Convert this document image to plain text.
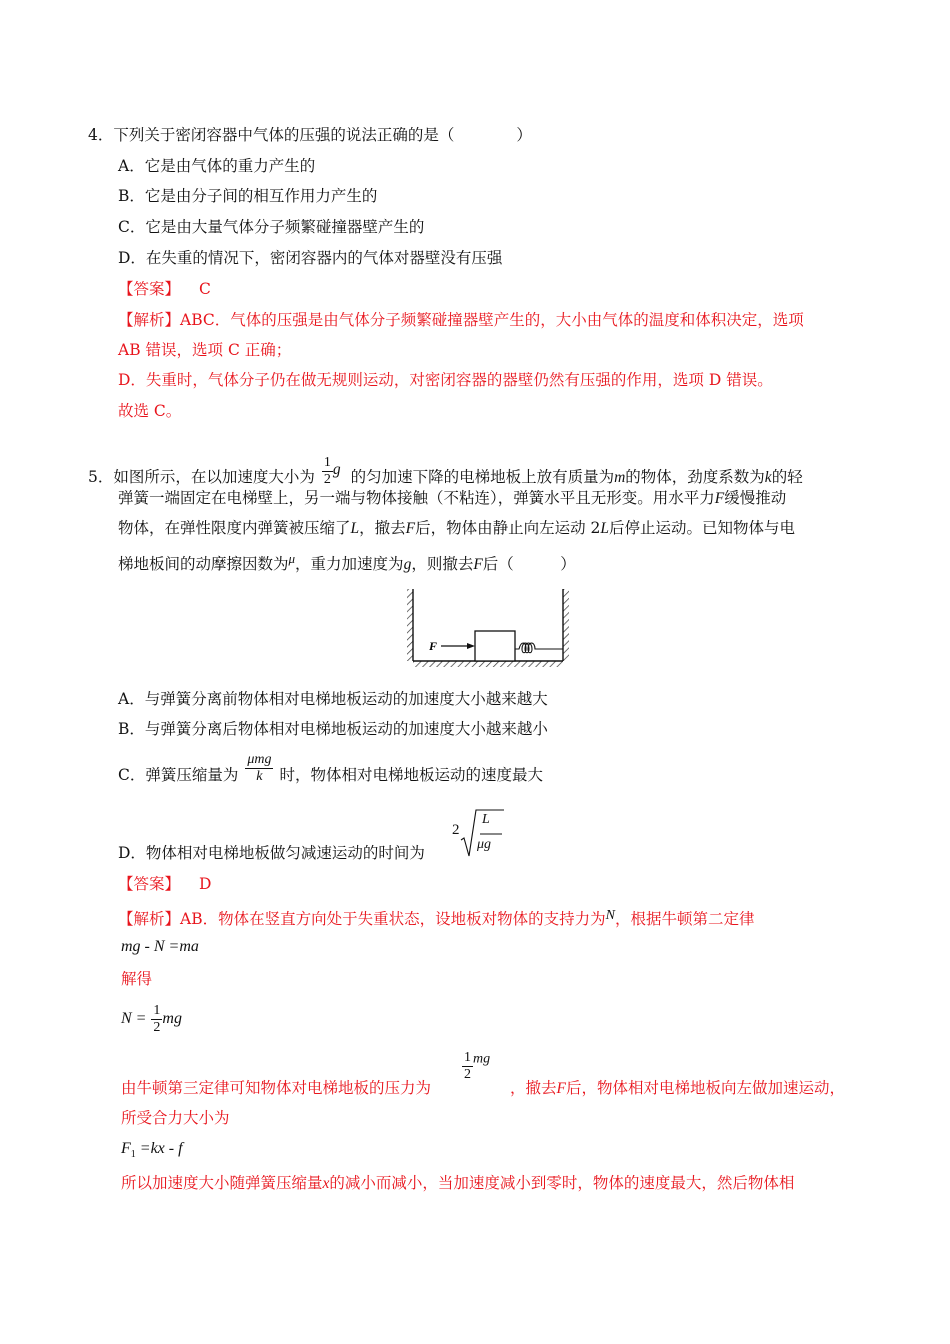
4．下列关于密闭容器中气体的压强的说法正确的是（　　　　）
A．它是由气体的重力产生的
B．它是由分子间的相互作用力产生的
C．它是由大量气体分子频繁碰撞器壁产生的
D．在失重的情况下，密闭容器内的气体对器壁没有压强
【答案】 C
【解析】ABC．气体的压强是由气体分子频繁碰撞器壁产生的，大小由气体的温度和体积决定，选项
AB 错误，选项 C 正确；
D．失重时，气体分子仍在做无规则运动，对密闭容器的器壁仍然有压强的作用，选项 D 错误。
故选 C。
5．如图所示，在以加速度大小为 $\frac{1}{2}$ g 的匀加速下降的电梯地板上放有质量为m的物体，劲度系数为k的轻
弹簧一端固定在电梯壁上，另一端与物体接触（不粘连），弹簧水平且无形变。用水平力F缓慢推动
物体，在弹性限度内弹簧被压缩了L，撤去F后，物体由静止向左运动 2L后停止运动。已知物体与电
梯地板间的动摩擦因数为$^\mu$，重力加速度为g，则撤去F后（　　　）
F
A．与弹簧分离前物体相对电梯地板运动的加速度大小越来越大
B．与弹簧分离后物体相对电梯地板运动的加速度大小越来越小
C．弹簧压缩量为 $\frac{\text{μmg}}{k}$ 时，物体相对电梯地板运动的速度最大
D．物体相对电梯地板做匀减速运动的时间为
2
L
μg
【答案】 D
【解析】AB．物体在竖直方向处于失重状态，设地板对物体的支持力为N，根据牛顿第二定律
mg - N =ma
解得
$N = \frac{1}{2}$ mg
由牛顿第三定律可知物体对电梯地板的压力为
$\frac{1}{2}$ mg
，撤去F后，物体相对电梯地板向左做加速运动，
所受合力大小为
$F_1 =kx - f$
所以加速度大小随弹簧压缩量x的减小而减小，当加速度减小到零时，物体的速度最大，然后物体相
